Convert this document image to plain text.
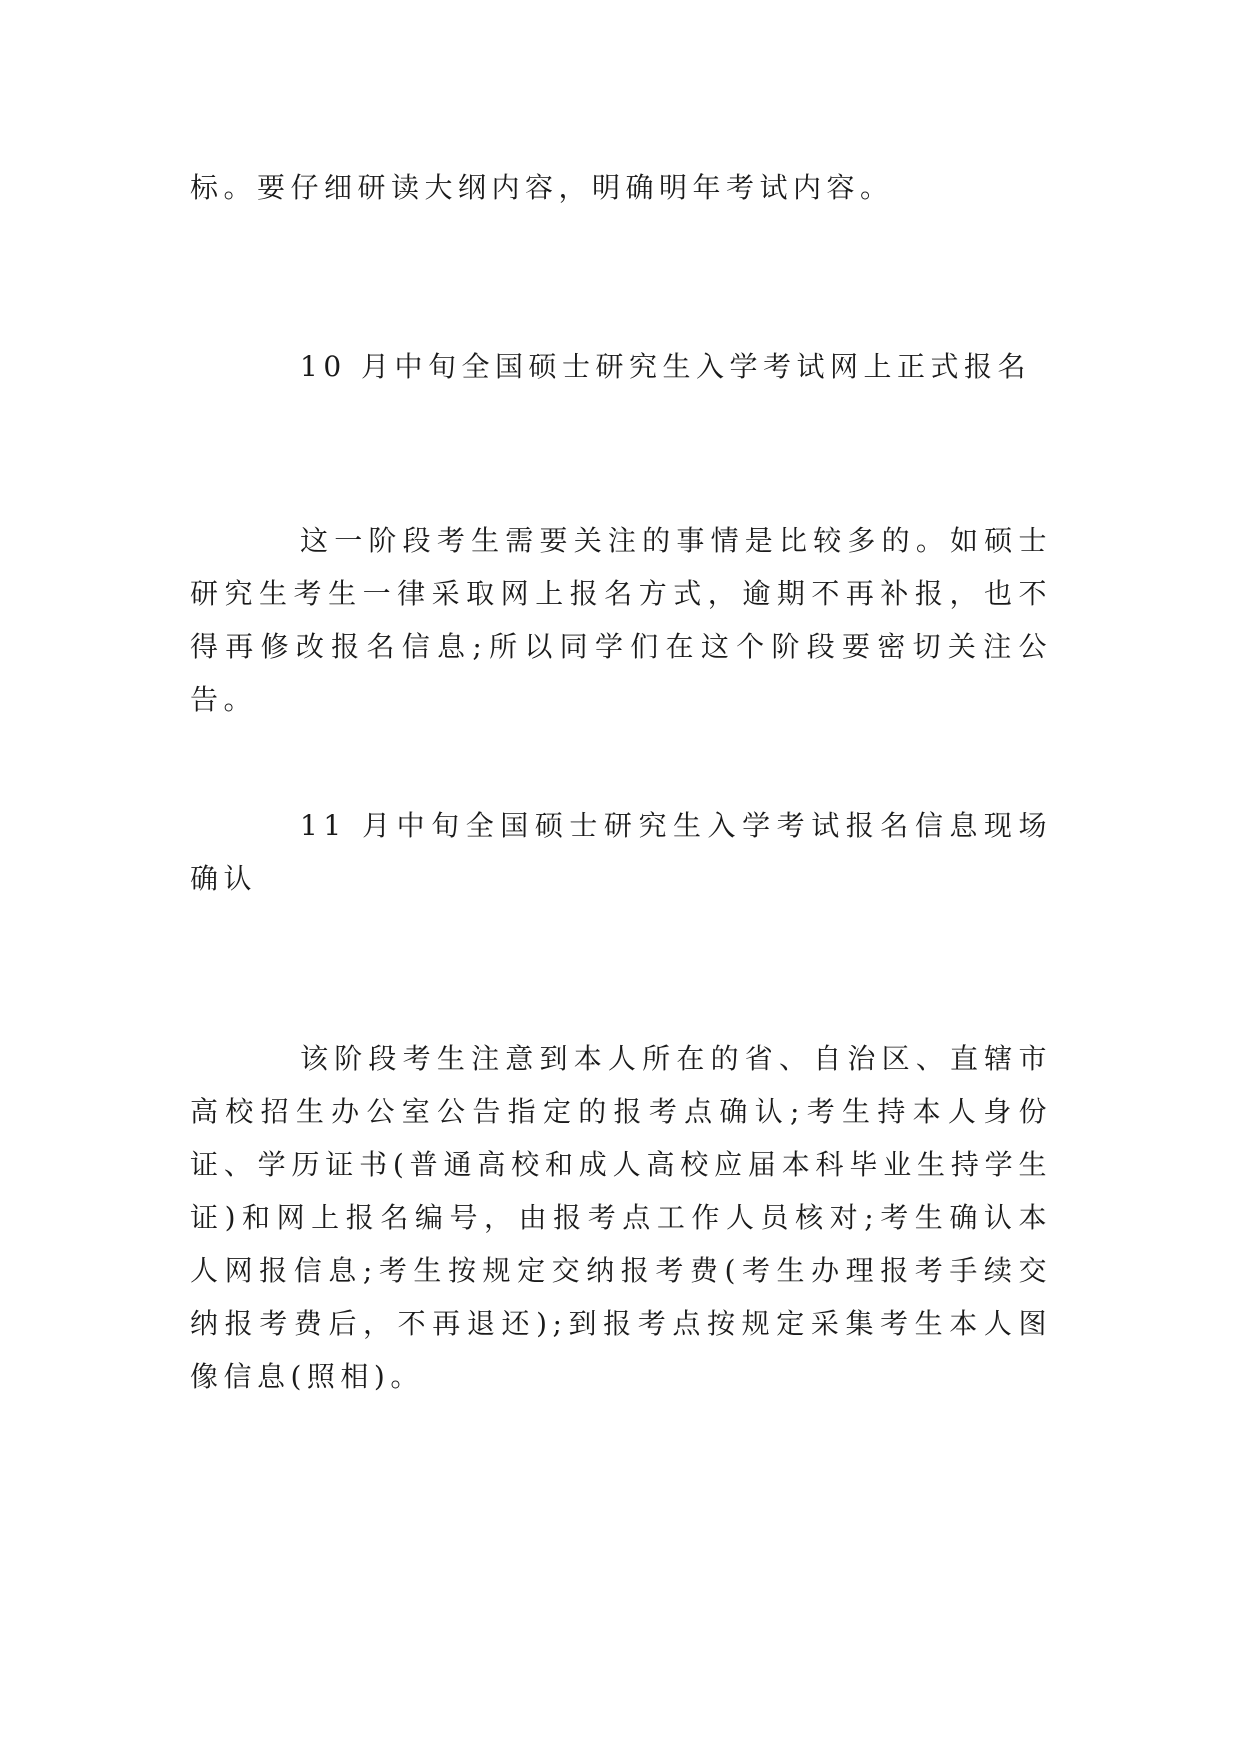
标。要仔细研读大纲内容，明确明年考试内容。

10 月中旬全国硕士研究生入学考试网上正式报名

这一阶段考生需要关注的事情是比较多的。如硕士研究生考生一律采取网上报名方式，逾期不再补报，也不得再修改报名信息;所以同学们在这个阶段要密切关注公告。

11 月中旬全国硕士研究生入学考试报名信息现场确认

该阶段考生注意到本人所在的省、自治区、直辖市高校招生办公室公告指定的报考点确认;考生持本人身份证、学历证书(普通高校和成人高校应届本科毕业生持学生证)和网上报名编号，由报考点工作人员核对;考生确认本人网报信息;考生按规定交纳报考费(考生办理报考手续交纳报考费后，不再退还);到报考点按规定采集考生本人图像信息(照相)。
